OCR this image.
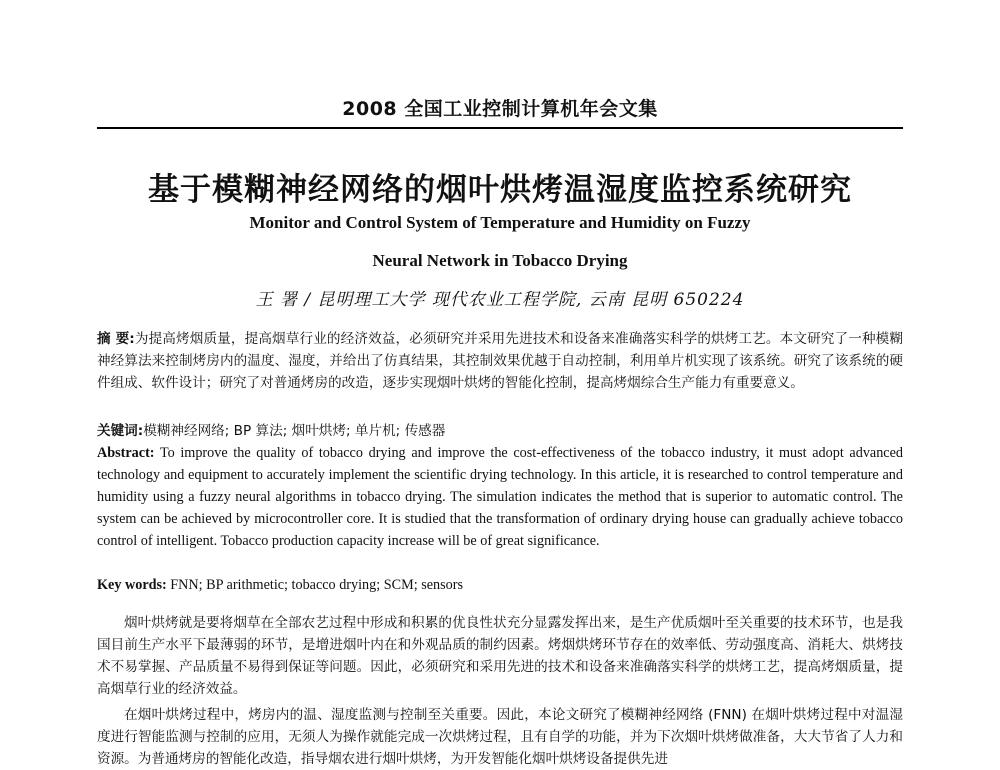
2008 全国工业控制计算机年会文集
基于模糊神经网络的烟叶烘烤温湿度监控系统研究
Monitor and Control System of Temperature and Humidity on Fuzzy
Neural Network in Tobacco Drying
王 署 / 昆明理工大学 现代农业工程学院, 云南 昆明 650224
摘 要:为提高烤烟质量，提高烟草行业的经济效益，必须研究并采用先进技术和设备来准确落实科学的烘烤工艺。本文研究了一种模糊神经算法来控制烤房内的温度、湿度，并给出了仿真结果，其控制效果优越于自动控制，利用单片机实现了该系统。研究了该系统的硬件组成、软件设计；研究了对普通烤房的改造，逐步实现烟叶烘烤的智能化控制，提高烤烟综合生产能力有重要意义。
关键词:模糊神经网络; BP 算法; 烟叶烘烤; 单片机; 传感器
Abstract: To improve the quality of tobacco drying and improve the cost-effectiveness of the tobacco industry, it must adopt advanced technology and equipment to accurately implement the scientific drying technology. In this article, it is researched to control temperature and humidity using a fuzzy neural algorithms in tobacco drying. The simulation indicates the method that is superior to automatic control. The system can be achieved by microcontroller core. It is studied that the transformation of ordinary drying house can gradually achieve tobacco control of intelligent. Tobacco production capacity increase will be of great significance.
Key words: FNN; BP arithmetic; tobacco drying; SCM; sensors
烟叶烘烤就是要将烟草在全部农艺过程中形成和积累的优良性状充分显露发挥出来，是生产优质烟叶至关重要的技术环节，也是我国目前生产水平下最薄弱的环节，是增进烟叶内在和外观品质的制约因素。烤烟烘烤环节存在的效率低、劳动强度高、消耗大、烘烤技术不易掌握、产品质量不易得到保证等问题。因此，必须研究和采用先进的技术和设备来准确落实科学的烘烤工艺，提高烤烟质量，提高烟草行业的经济效益。
在烟叶烘烤过程中，烤房内的温、湿度监测与控制至关重要。因此，本论文研究了模糊神经网络 (FNN) 在烟叶烘烤过程中对温湿度进行智能监测与控制的应用，无须人为操作就能完成一次烘烤过程，且有自学的功能，并为下次烟叶烘烤做准备，大大节省了人力和资源。为普通烤房的智能化改造，指导烟农进行烟叶烘烤，为开发智能化烟叶烘烤设备提供先进
